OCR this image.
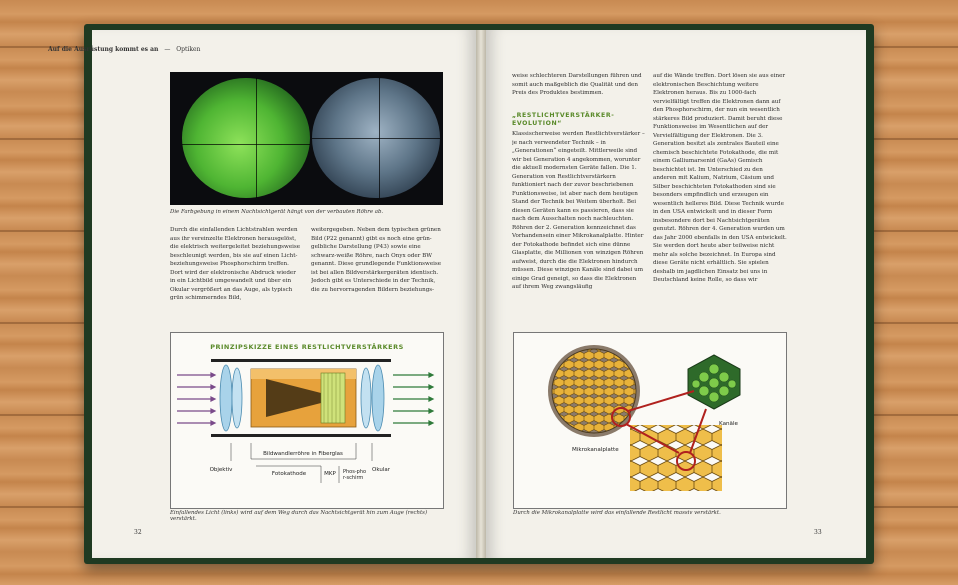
Auf die Ausrüstung kommt es an — Optiken
Die Farbgebung in einem Nachtsichtgerät hängt von der verbauten Röhre ab.
Durch die einfallenden Lichtstrahlen werden aus ihr vereinzelte Elektronen herausgelöst, die elektrisch weitergeleitet beziehungsweise beschleunigt werden, bis sie auf einen Licht- beziehungsweise Phosphorschirm treffen. Dort wird der elektronische Abdruck wieder in ein Lichtbild umgewandelt und über ein Okular vergrößert an das Auge, als typisch grün schimmerndes Bild,
weitergegeben. Neben dem typischen grünen Bild (P22 genannt) gibt es noch eine grün-gelbliche Darstellung (P43) sowie eine schwarz-weiße Röhre, nach Onyx oder BW genannt. Diese grundlegende Funktionsweise ist bei allen Bildverstärkergeräten identisch. Jedoch gibt es Unterschiede in der Technik, die zu hervorragenden Bildern beziehungs-
PRINZIPSKIZZE EINES RESTLICHTVERSTÄRKERS
Objektiv
Bildwandlerröhre in Fiberglas
Fotokathode	MKP
Okular
Phos-phor-schirm
Einfallendes Licht (links) wird auf dem Weg durch das Nachtsichtgerät hin zum Auge (rechts) verstärkt.
32
weise schlechteren Darstellungen führen und somit auch maßgeblich die Qualität und den Preis des Produktes bestimmen.
„RESTLICHTVERSTÄRKER-EVOLUTION“
Klassischerweise werden Restlichtverstärker – je nach verwendeter Technik – in „Generationen“ eingeteilt. Mittlerweile sind wir bei Generation 4 angekommen, worunter die aktuell modernsten Geräte fallen. Die 1. Generation von Restlichtverstärkern funktioniert nach der zuvor beschriebenen Funktionsweise, ist aber nach dem heutigen Stand der Technik bei Weitem überholt. Bei diesen Geräten kann es passieren, dass sie nach dem Ausschalten noch nachleuchten. Röhren der 2. Generation kennzeichnet das Vorhandensein einer Mikrokanalplatte. Hinter der Fotokathode befindet sich eine dünne Glasplatte, die Millionen von winzigen Röhren aufweist, durch die die Elektronen hindurch müssen. Diese winzigen Kanäle sind dabei um einige Grad geneigt, so dass die Elektronen auf ihrem Weg zwangsläufig
auf die Wände treffen. Dort lösen sie aus einer elektronischen Beschichtung weitere Elektronen heraus. Bis zu 1000-fach vervielfältigt treffen die Elektronen dann auf den Phosphorschirm, der nun ein wesentlich stärkeres Bild produziert. Damit beruht diese Funktionsweise im Wesentlichen auf der Vervielfältigung der Elektronen. Die 3. Generation besitzt als zentrales Bauteil eine chemisch beschichtete Fotokathode, die mit einem Galliumarsenid (GaAs) Gemisch beschichtet ist. Im Unterschied zu den anderen mit Kalium, Natrium, Cäsium und Silber beschichteten Fotokathoden sind sie besonders empfindlich und erzeugen ein wesentlich helleres Bild. Diese Technik wurde in den USA entwickelt und in dieser Form insbesondere dort bei Nachtsichtgeräten genutzt. Röhren der 4. Generation wurden um das Jahr 2000 ebenfalls in den USA entwickelt. Sie werden dort heute aber teilweise nicht mehr als solche bezeichnet. In Europa sind diese Geräte nicht erhältlich. Sie spielen deshalb im jagdlichen Einsatz bei uns in Deutschland keine Rolle, so dass wir
Mikrokanalplatte
Kanäle
Durch die Mikrokanalplatte wird das einfallende Restlicht massiv verstärkt.
33
